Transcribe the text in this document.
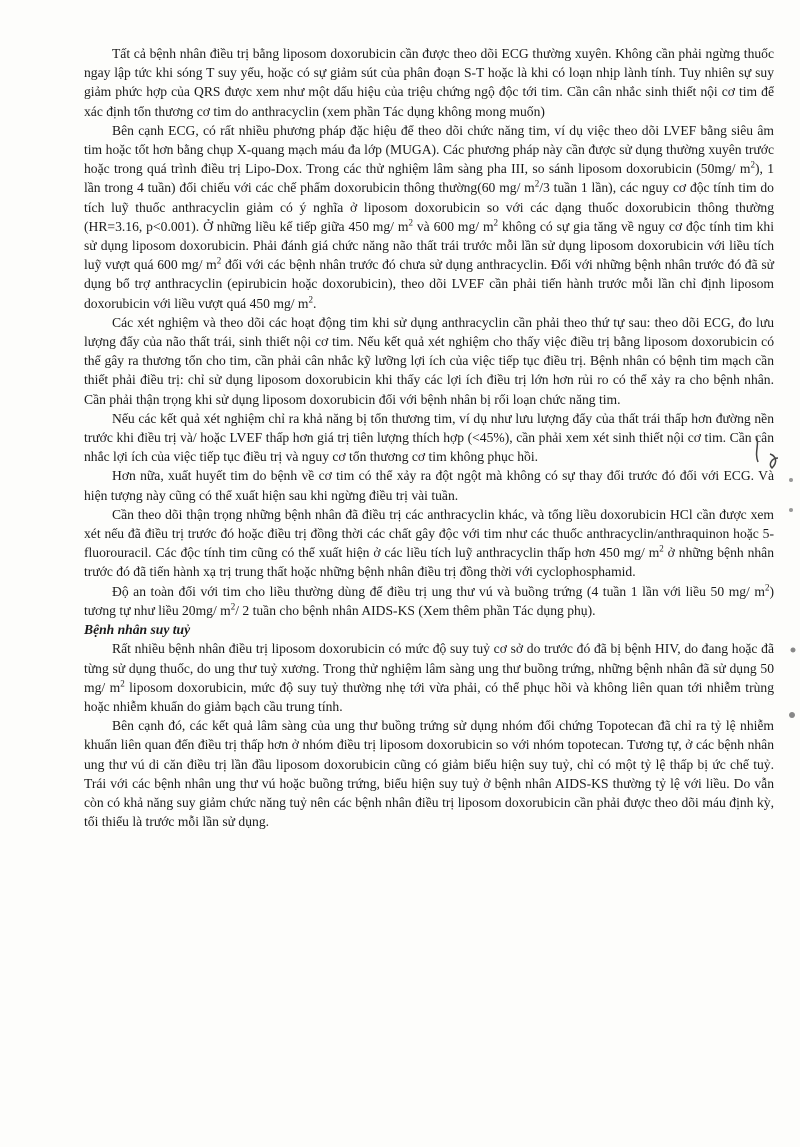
Tất cả bệnh nhân điều trị bằng liposom doxorubicin cần được theo dõi ECG thường xuyên. Không cần phải ngừng thuốc ngay lập tức khi sóng T suy yếu, hoặc có sự giảm sút của phân đoạn S-T hoặc là khi có loạn nhịp lành tính. Tuy nhiên sự suy giảm phức hợp của QRS được xem như một dấu hiệu của triệu chứng ngộ độc tới tim. Cần cân nhắc sinh thiết nội cơ tim để xác định tổn thương cơ tim do anthracyclin (xem phần Tác dụng không mong muốn)

Bên cạnh ECG, có rất nhiều phương pháp đặc hiệu để theo dõi chức năng tim, ví dụ việc theo dõi LVEF bằng siêu âm tim hoặc tốt hơn bằng chụp X-quang mạch máu đa lớp (MUGA). Các phương pháp này cần được sử dụng thường xuyên trước hoặc trong quá trình điều trị Lipo-Dox. Trong các thử nghiệm lâm sàng pha III, so sánh liposom doxorubicin (50mg/ $m^2$), 1 lần trong 4 tuần) đối chiếu với các chế phẩm doxorubicin thông thường(60 mg/ $m^2/3$ tuần 1 lần), các nguy cơ độc tính tim do tích luỹ thuốc anthracyclin giảm có ý nghĩa ở liposom doxorubicin so với các dạng thuốc doxorubicin thông thường (HR=3.16, p<0.001). Ở những liều kế tiếp giữa 450 mg/ $m^2$ và 600 mg/ $m^2$ không có sự gia tăng về nguy cơ độc tính tim khi sử dụng liposom doxorubicin. Phải đánh giá chức năng não thất trái trước mỗi lần sử dụng liposom doxorubicin với liều tích luỹ vượt quá 600 mg/ $m^2$ đối với các bệnh nhân trước đó chưa sử dụng anthracyclin. Đối với những bệnh nhân trước đó đã sử dụng bổ trợ anthracyclin (epirubicin hoặc doxorubicin), theo dõi LVEF cần phải tiến hành trước mỗi lần chỉ định liposom doxorubicin với liều vượt quá 450 mg/ $m^2$.

Các xét nghiệm và theo dõi các hoạt động tim khi sử dụng anthracyclin cần phải theo thứ tự sau: theo dõi ECG, đo lưu lượng đẩy của não thất trái, sinh thiết nội cơ tim. Nếu kết quả xét nghiệm cho thấy việc điều trị bằng liposom doxorubicin có thể gây ra thương tổn cho tim, cần phải cân nhắc kỹ lưỡng lợi ích của việc tiếp tục điều trị. Bệnh nhân có bệnh tim mạch cần thiết phải điều trị: chỉ sử dụng liposom doxorubicin khi thấy các lợi ích điều trị lớn hơn rủi ro có thể xảy ra cho bệnh nhân. Cần phải thận trọng khi sử dụng liposom doxorubicin đối với bệnh nhân bị rối loạn chức năng tim.

Nếu các kết quả xét nghiệm chỉ ra khả năng bị tổn thương tim, ví dụ như lưu lượng đẩy của thất trái thấp hơn đường nền trước khi điều trị và/ hoặc LVEF thấp hơn giá trị tiên lượng thích hợp (<45%), cần phải xem xét sinh thiết nội cơ tim. Cần cân nhắc lợi ích của việc tiếp tục điều trị và nguy cơ tổn thương cơ tim không phục hồi.

Hơn nữa, xuất huyết tim do bệnh về cơ tim có thể xảy ra đột ngột mà không có sự thay đổi trước đó đối với ECG. Và hiện tượng này cũng có thể xuất hiện sau khi ngừng điều trị vài tuần.

Cần theo dõi thận trọng những bệnh nhân đã điều trị các anthracyclin khác, và tổng liều doxorubicin HCl cần được xem xét nếu đã điều trị trước đó hoặc điều trị đồng thời các chất gây độc với tim như các thuốc anthracyclin/anthraquinon hoặc 5-fluorouracil. Các độc tính tim cũng có thể xuất hiện ở các liều tích luỹ anthracyclin thấp hơn 450 mg/ $m^2$ ở những bệnh nhân trước đó đã tiến hành xạ trị trung thất hoặc những bệnh nhân điều trị đồng thời với cyclophosphamid.

Độ an toàn đối với tim cho liều thường dùng để điều trị ung thư vú và buồng trứng (4 tuần 1 lần với liều 50 mg/ $m^2$) tương tự như liều 20mg/ $m^2/$ 2 tuần cho bệnh nhân AIDS-KS (Xem thêm phần Tác dụng phụ).

Bệnh nhân suy tuỷ

Rất nhiều bệnh nhân điều trị liposom doxorubicin có mức độ suy tuỷ cơ sở do trước đó đã bị bệnh HIV, do đang hoặc đã từng sử dụng thuốc, do ung thư tuỷ xương. Trong thử nghiệm lâm sàng ung thư buồng trứng, những bệnh nhân đã sử dụng 50 mg/ $m^2$ liposom doxorubicin, mức độ suy tuỷ thường nhẹ tới vừa phải, có thể phục hồi và không liên quan tới nhiễm trùng hoặc nhiễm khuẩn do giảm bạch cầu trung tính.

Bên cạnh đó, các kết quả lâm sàng của ung thư buồng trứng sử dụng nhóm đối chứng Topotecan đã chỉ ra tỷ lệ nhiễm khuẩn liên quan đến điều trị thấp hơn ở nhóm điều trị liposom doxorubicin so với nhóm topotecan. Tương tự, ở các bệnh nhân ung thư vú di căn điều trị lần đầu liposom doxorubicin cũng có giảm biểu hiện suy tuỷ, chỉ có một tỷ lệ thấp bị ức chế tuỷ. Trái với các bệnh nhân ung thư vú hoặc buồng trứng, biểu hiện suy tuỷ ở bệnh nhân AIDS-KS thường tỷ lệ với liều. Do vẫn còn có khả năng suy giảm chức năng tuỷ nên các bệnh nhân điều trị liposom doxorubicin cần phải được theo dõi máu định kỳ, tối thiểu là trước mỗi lần sử dụng.
